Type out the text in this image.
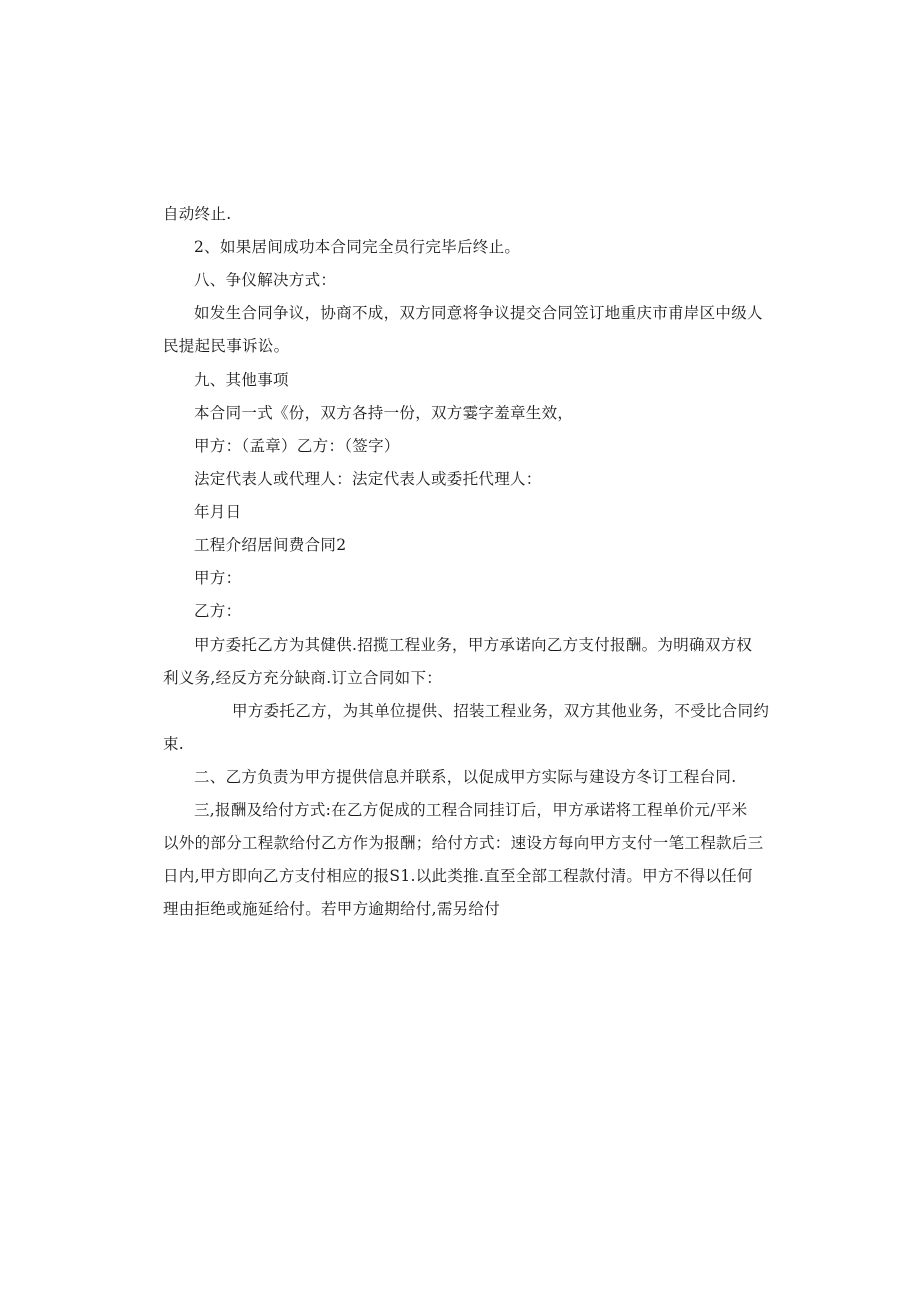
自动终止.
2、如果居间成功本合同完全员行完毕后终止。
八、争仪解决方式：
如发生合同争议，协商不成，双方同意将争议提交合同笠订地重庆市甫岸区中级人
民提起民事诉讼。
九、其他事项
本合同一式《份，双方各持一份，双方霎字羞章生效，
甲方：（孟章）乙方：（签字）
法定代表人或代理人：法定代表人或委托代理人：
年月日
工程介绍居间费合同2
甲方：
乙方：
甲方委托乙方为其健供.招揽工程业务，甲方承诺向乙方支付报酬。为明确双方权
利义务,经反方充分缺商.订立合同如下：
甲方委托乙方，为其单位提供、招装工程业务，双方其他业务，不受比合同约
束.
二、乙方负责为甲方提供信息并联系，以促成甲方实际与建设方冬订工程台同.
三,报酬及给付方式:在乙方促成的工程合同挂订后，甲方承诺将工程单价元/平米
以外的部分工程款给付乙方作为报酬；给付方式：速设方每向甲方支付一笔工程款后三
日内,甲方即向乙方支付相应的报S1.以此类推.直至全部工程款付清。甲方不得以任何
理由拒绝或施延给付。若甲方逾期给付,需另给付
